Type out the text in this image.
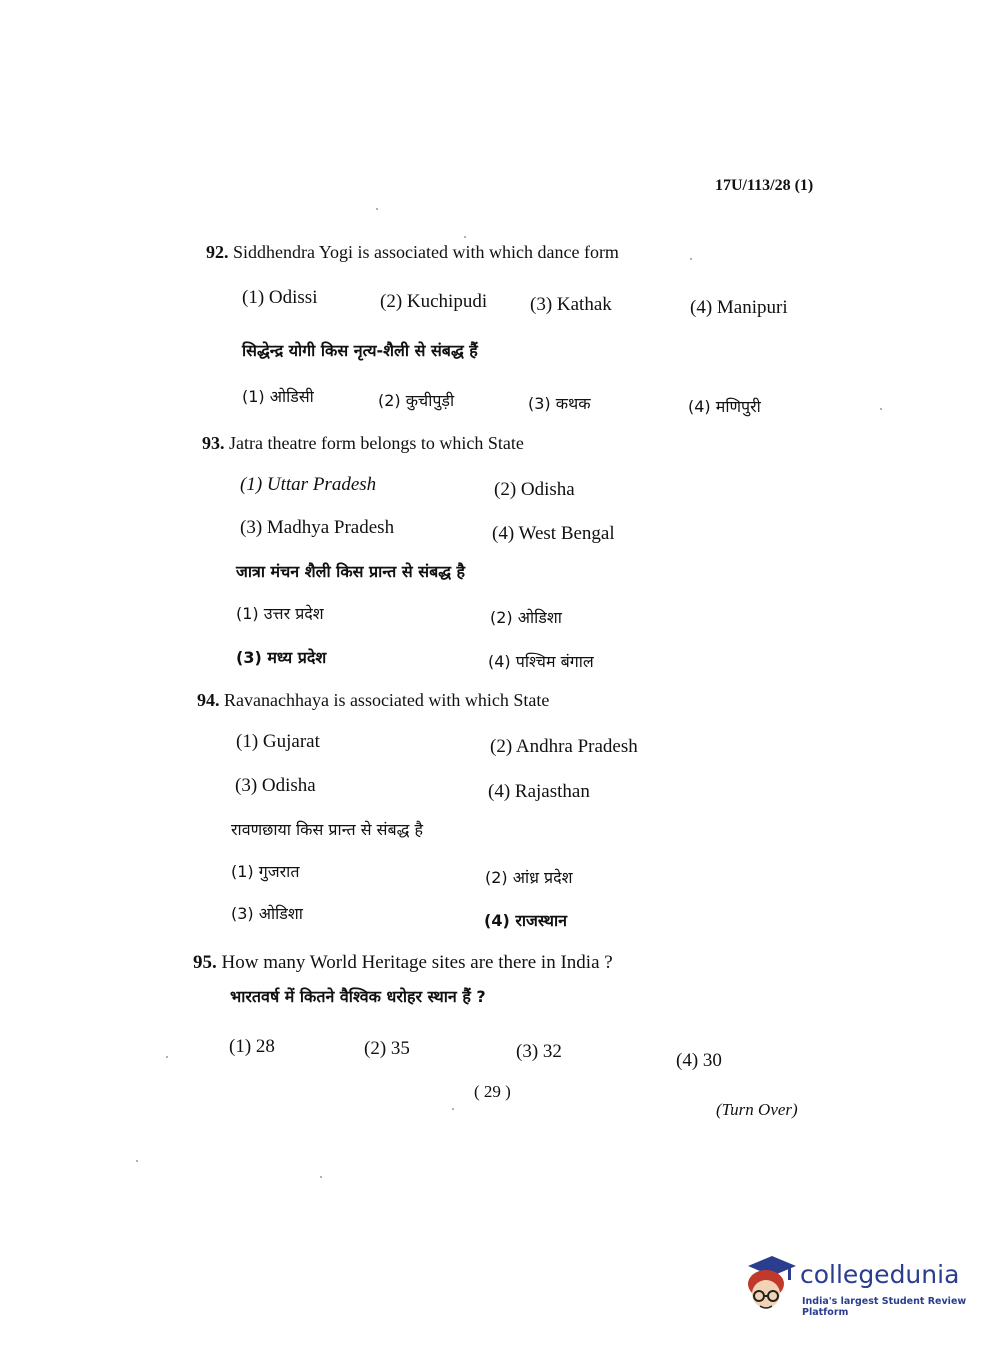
17U/113/28 (1)
92. Siddhendra Yogi is associated with which dance form
(1) Odissi	(2) Kuchipudi (3) Kathak	(4) Manipuri
सिद्धेन्द्र योगी किस नृत्य-शैली से संबद्ध हैं
(1) ओडिसी	(2) कुचीपुड़ी	(3) कथक	(4) मणिपुरी
93. Jatra theatre form belongs to which State
(1) Uttar Pradesh	(2) Odisha
(3) Madhya Pradesh	(4) West Bengal
जात्रा मंचन शैली किस प्रान्त से संबद्ध है
(1) उत्तर प्रदेश	(2) ओडिशा
(3) मध्य प्रदेश	(4) पश्चिम बंगाल
94. Ravanachhaya is associated with which State
(1) Gujarat	(2) Andhra Pradesh
(3) Odisha	(4) Rajasthan
रावणछाया किस प्रान्त से संबद्ध है
(1) गुजरात	(2) आंध्र प्रदेश
(3) ओडिशा	(4) राजस्थान
95. How many World Heritage sites are there in India ?
भारतवर्ष में कितने वैश्विक धरोहर स्थान हैं ?
(1) 28	(2) 35	(3) 32	(4) 30
( 29 )
(Turn Over)
collegedunia
India's largest Student Review Platform
